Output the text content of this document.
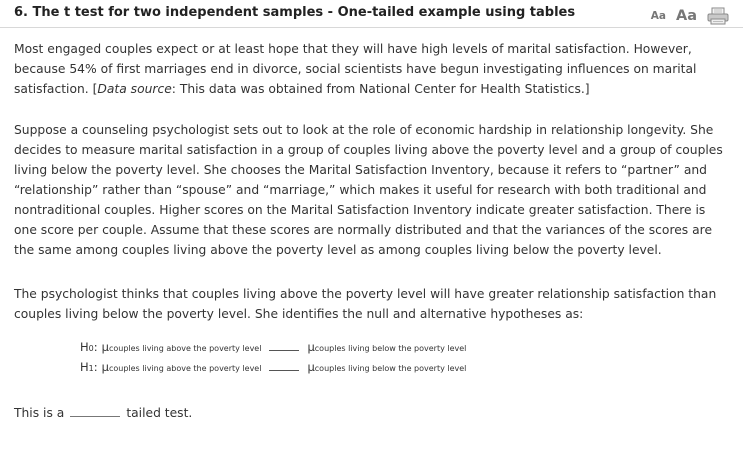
6. The t test for two independent samples - One-tailed example using tables	Aa Aa

Most engaged couples expect or at least hope that they will have high levels of marital satisfaction. However, because 54% of first marriages end in divorce, social scientists have begun investigating influences on marital satisfaction. [Data source: This data was obtained from National Center for Health Statistics.]

Suppose a counseling psychologist sets out to look at the role of economic hardship in relationship longevity. She decides to measure marital satisfaction in a group of couples living above the poverty level and a group of couples living below the poverty level. She chooses the Marital Satisfaction Inventory, because it refers to “partner” and “relationship” rather than “spouse” and “marriage,” which makes it useful for research with both traditional and nontraditional couples. Higher scores on the Marital Satisfaction Inventory indicate greater satisfaction. There is one score per couple. Assume that these scores are normally distributed and that the variances of the scores are the same among couples living above the poverty level as among couples living below the poverty level.

The psychologist thinks that couples living above the poverty level will have greater relationship satisfaction than couples living below the poverty level. She identifies the null and alternative hypotheses as:

H 0 : μ couples living above the poverty level	μ couples living below the poverty level
H 1 : μ couples living above the poverty level	μ couples living below the poverty level
This is a	tailed test.
